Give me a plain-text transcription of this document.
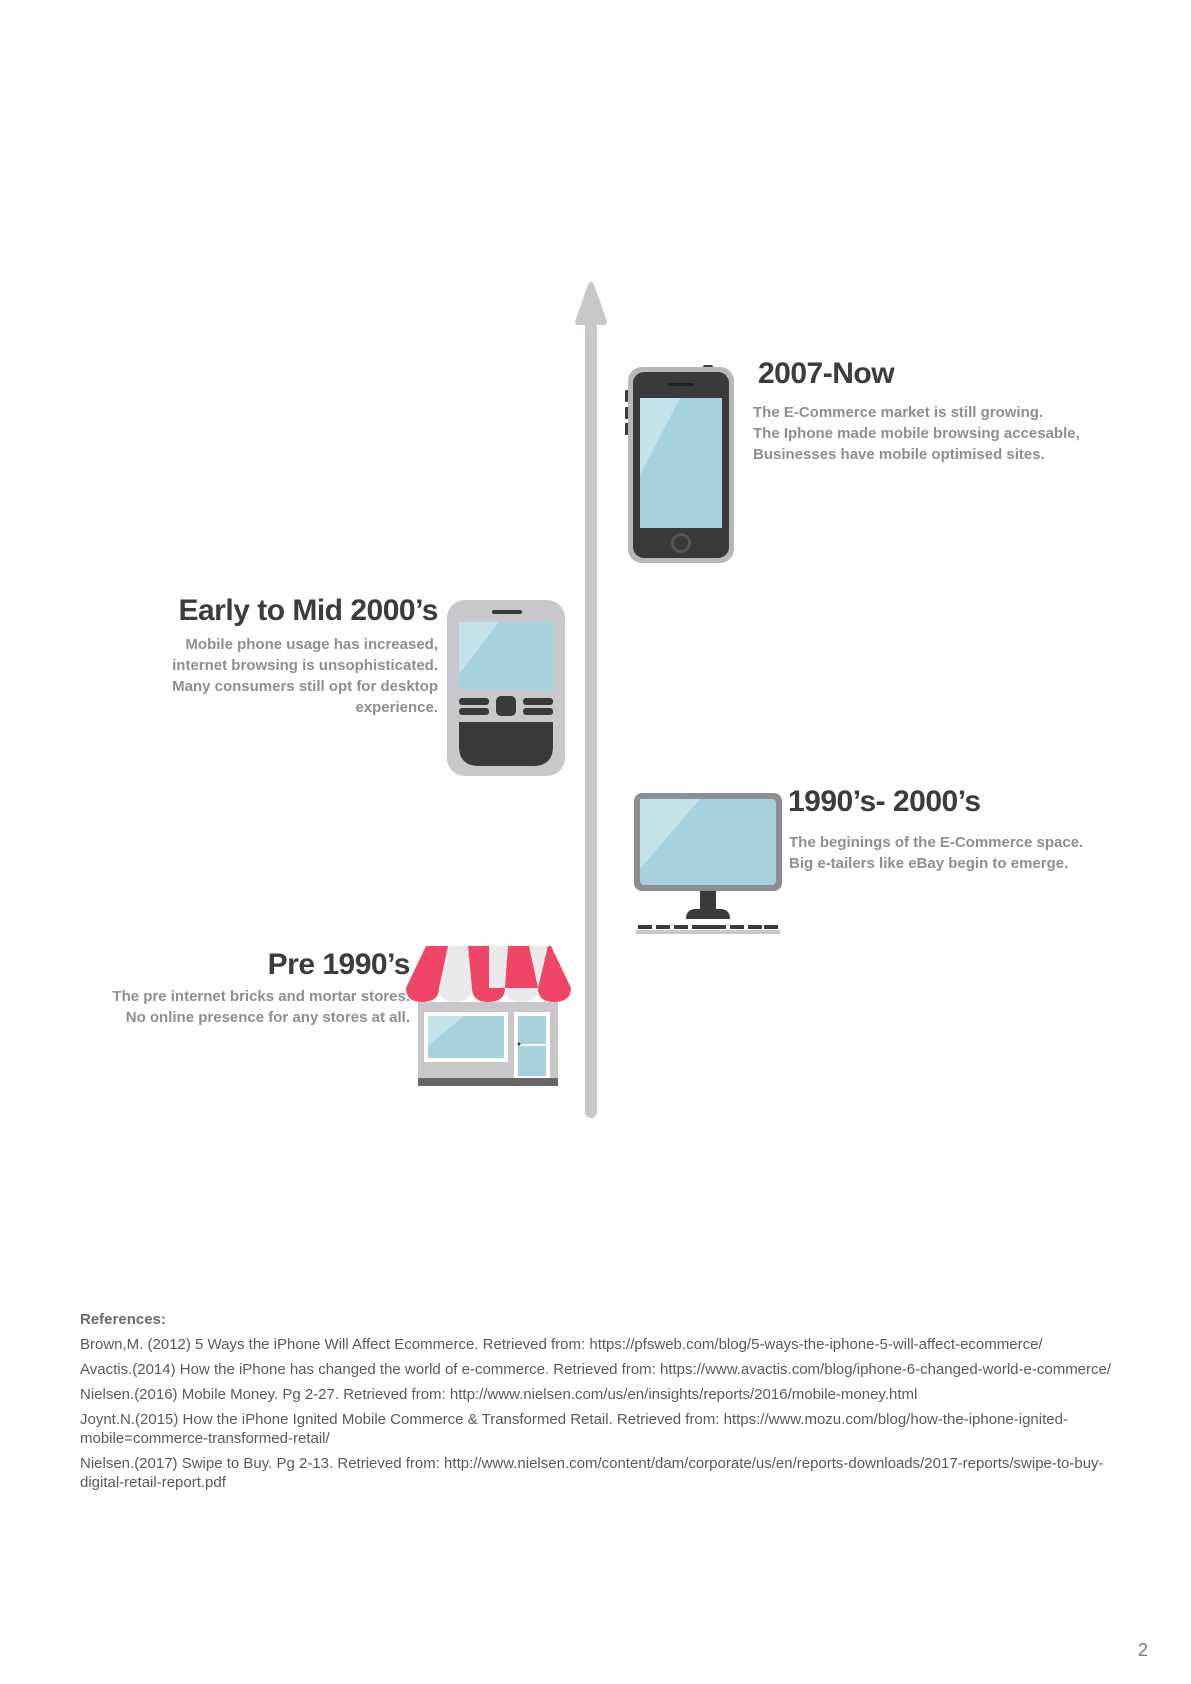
2007-Now
The E-Commerce market is still growing.
The Iphone made mobile browsing accesable,
Businesses have mobile optimised sites.
Early to Mid 2000’s
Mobile phone usage has increased,
internet browsing is unsophisticated.
Many consumers still opt for desktop
experience.
1990’s- 2000’s
The beginings of the E-Commerce space.
Big e-tailers like eBay begin to emerge.
Pre 1990’s
The pre internet bricks and mortar stores.
No online presence for any stores at all.
References:
Brown,M. (2012) 5 Ways the iPhone Will Affect Ecommerce. Retrieved from: https://pfsweb.com/blog/5-ways-the-iphone-5-will-affect-ecommerce/
Avactis.(2014) How the iPhone has changed the world of e-commerce. Retrieved from: https://www.avactis.com/blog/iphone-6-changed-world-e-commerce/
Nielsen.(2016) Mobile Money. Pg 2-27. Retrieved from: http://www.nielsen.com/us/en/insights/reports/2016/mobile-money.html
Joynt.N.(2015) How the iPhone Ignited Mobile Commerce & Transformed Retail. Retrieved from: https://www.mozu.com/blog/how-the-iphone-ignited-mobile=commerce-transformed-retail/
Nielsen.(2017) Swipe to Buy. Pg 2-13. Retrieved from: http://www.nielsen.com/content/dam/corporate/us/en/reports-downloads/2017-reports/swipe-to-buy-digital-retail-report.pdf
2
